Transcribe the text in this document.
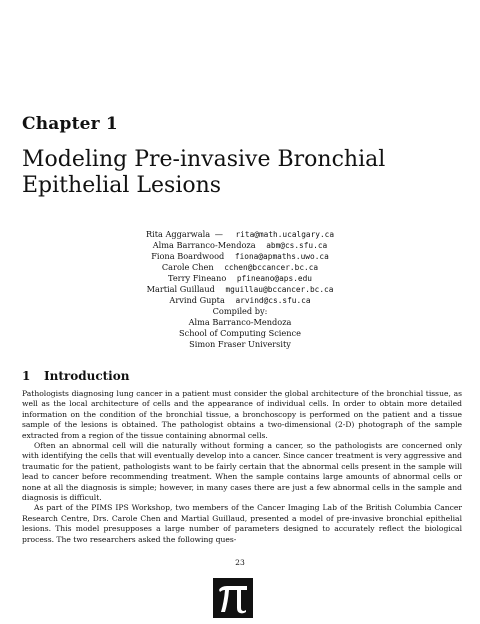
Chapter 1
Modeling Pre-invasive Bronchial
Epithelial Lesions
Rita Aggarwala — rita@math.ucalgary.ca
Alma Barranco-Mendoza abm@cs.sfu.ca
Fiona Boardwood fiona@apmaths.uwo.ca
Carole Chen cchen@bccancer.bc.ca
Terry Fineano pfineano@aps.edu
Martial Guillaud mguillau@bccancer.bc.ca
Arvind Gupta arvind@cs.sfu.ca
Compiled by:
Alma Barranco-Mendoza
School of Computing Science
Simon Fraser University
1 Introduction

Pathologists diagnosing lung cancer in a patient must consider the global architecture of the bronchial tissue, as well as the local architecture of cells and the appearance of individual cells. In order to obtain more detailed information on the condition of the bronchial tissue, a bronchoscopy is performed on the patient and a tissue sample of the lesions is obtained. The pathologist obtains a two-dimensional (2-D) photograph of the sample extracted from a region of the tissue containing abnormal cells.

Often an abnormal cell will die naturally without forming a cancer, so the pathologists are concerned only with identifying the cells that will eventually develop into a cancer. Since cancer treatment is very aggressive and traumatic for the patient, pathologists want to be fairly certain that the abnormal cells present in the sample will lead to cancer before recommending treatment. When the sample contains large amounts of abnormal cells or none at all the diagnosis is simple; however, in many cases there are just a few abnormal cells in the sample and diagnosis is difficult.

As part of the PIMS IPS Workshop, two members of the Cancer Imaging Lab of the British Columbia Cancer Research Centre, Drs. Carole Chen and Martial Guillaud, presented a model of pre-invasive bronchial epithelial lesions. This model presupposes a large number of parameters designed to accurately reflect the biological process. The two researchers asked the following ques-

23
